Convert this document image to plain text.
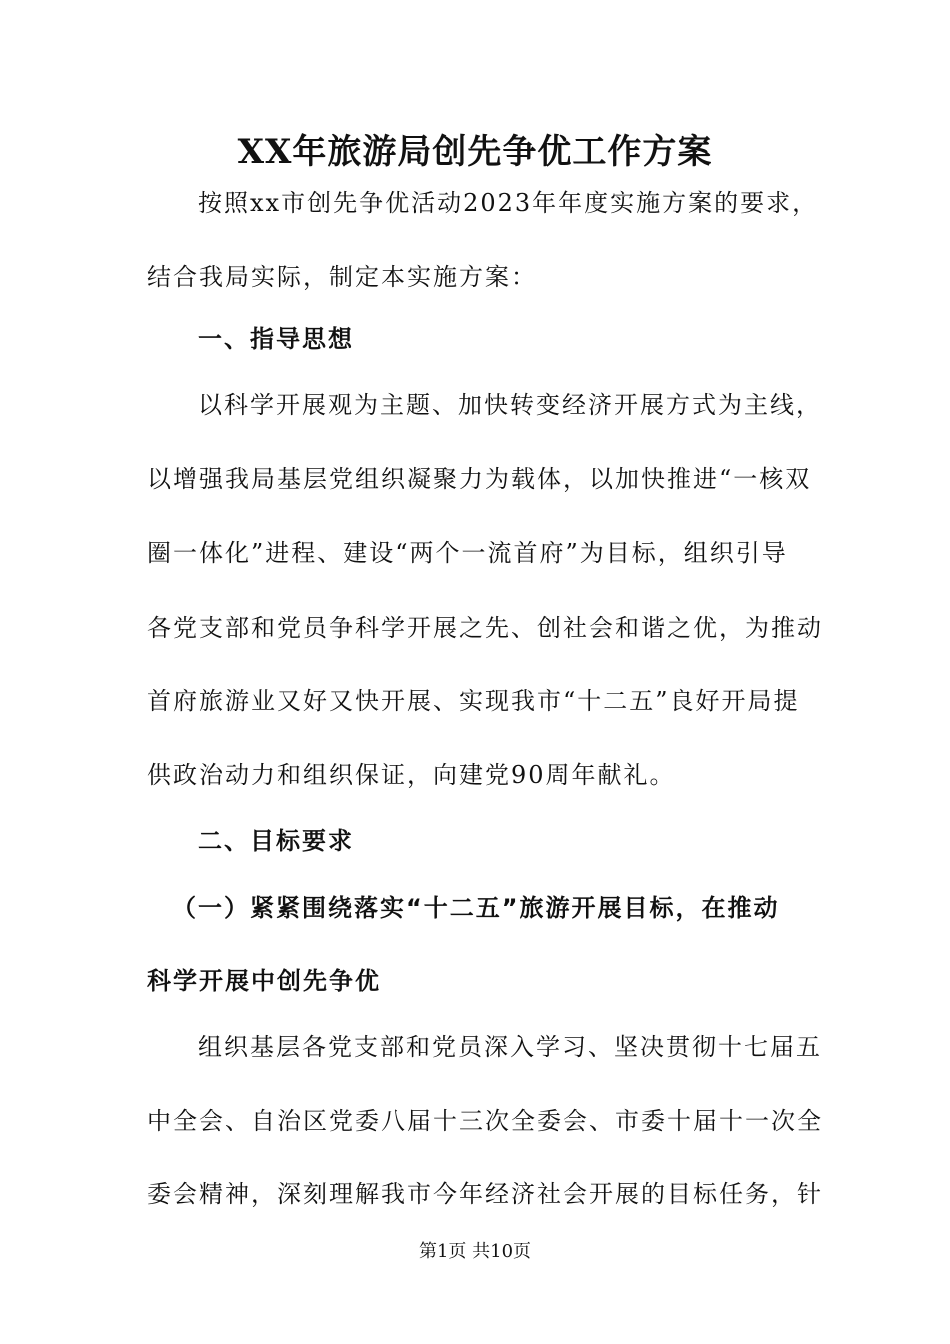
XX年旅游局创先争优工作方案

按照xx市创先争优活动2023年年度实施方案的要求，

结合我局实际，制定本实施方案：

一、指导思想

以科学开展观为主题、加快转变经济开展方式为主线，

以增强我局基层党组织凝聚力为载体，以加快推进“一核双

圈一体化”进程、建设“两个一流首府”为目标，组织引导

各党支部和党员争科学开展之先、创社会和谐之优，为推动

首府旅游业又好又快开展、实现我市“十二五”良好开局提

供政治动力和组织保证，向建党90周年献礼。

二、目标要求

（一）紧紧围绕落实“十二五”旅游开展目标，在推动

科学开展中创先争优

组织基层各党支部和党员深入学习、坚决贯彻十七届五

中全会、自治区党委八届十三次全委会、市委十届十一次全

委会精神，深刻理解我市今年经济社会开展的目标任务，针

第1页 共10页
